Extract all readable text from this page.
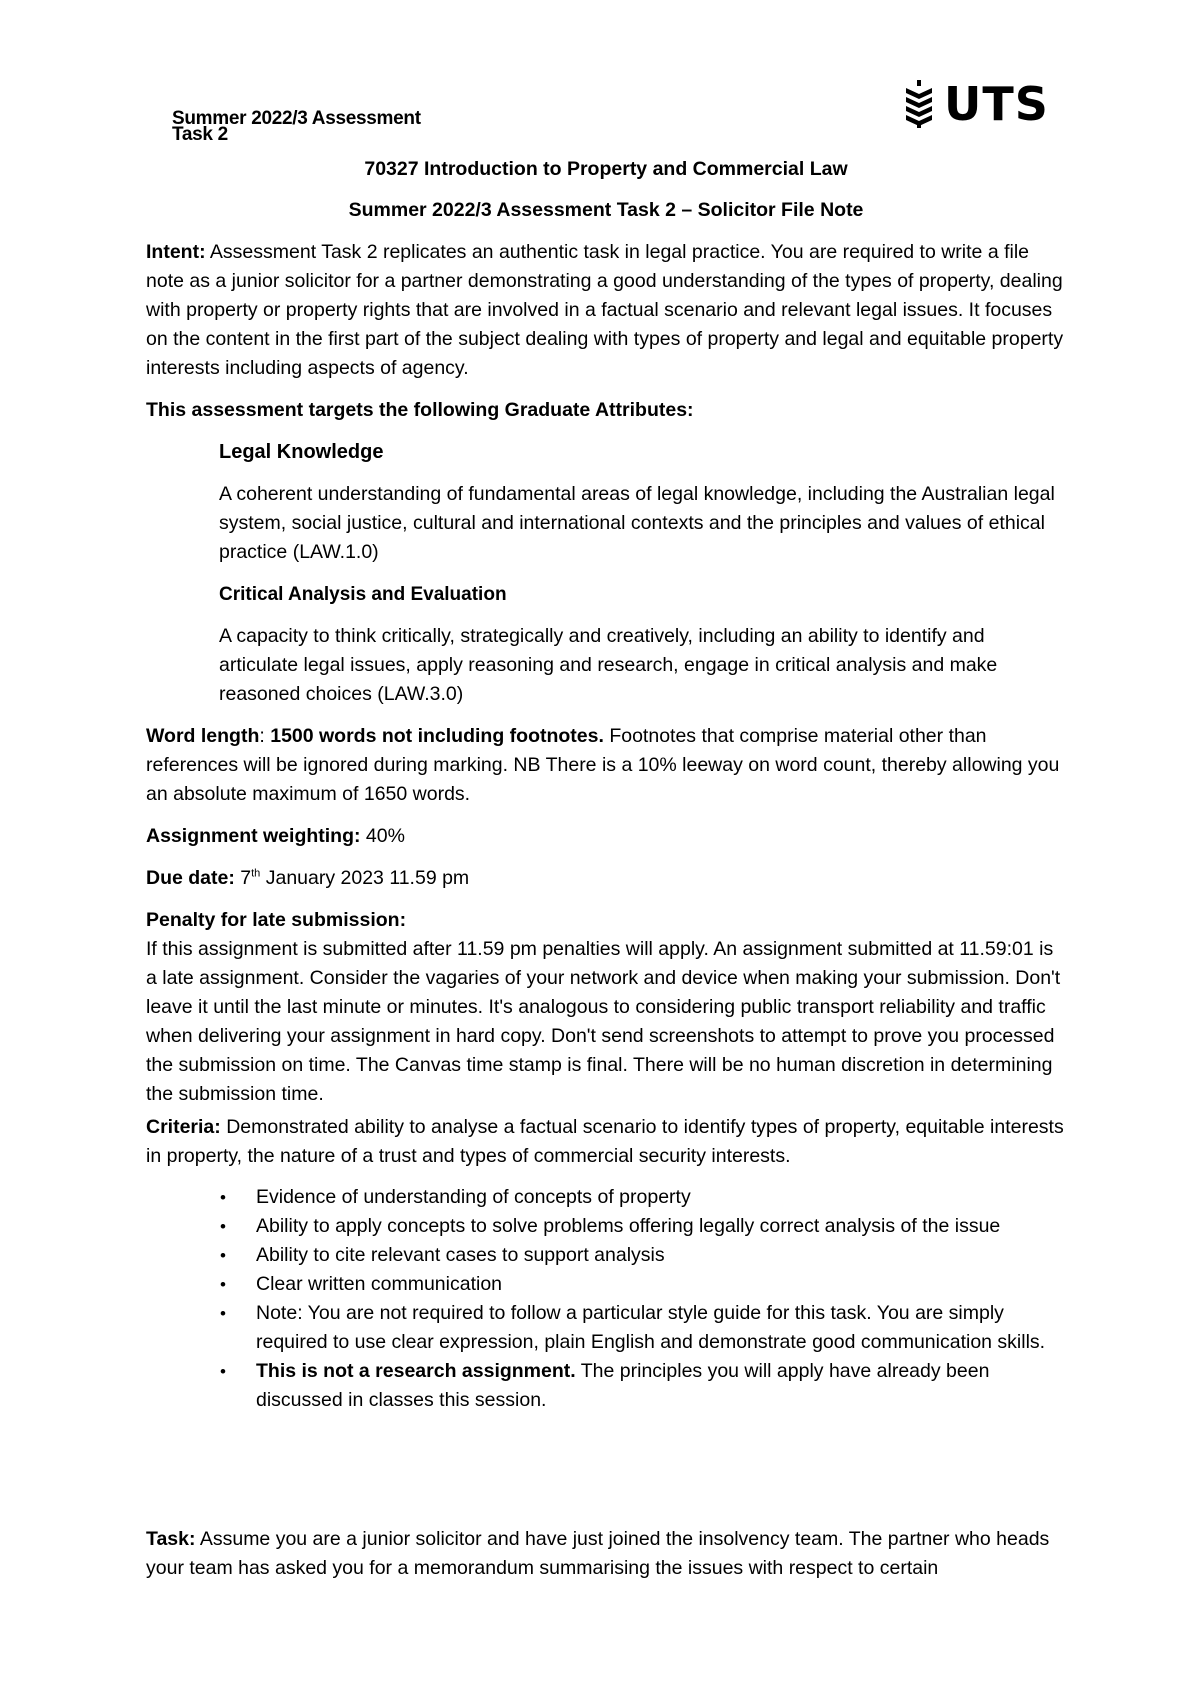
Summer 2022/3 Assessment
Task 2
UTS

70327 Introduction to Property and Commercial Law

Summer 2022/3 Assessment Task 2 – Solicitor File Note

Intent: Assessment Task 2 replicates an authentic task in legal practice. You are required to write a file note as a junior solicitor for a partner demonstrating a good understanding of the types of property, dealing with property or property rights that are involved in a factual scenario and relevant legal issues. It focuses on the content in the first part of the subject dealing with types of property and legal and equitable property interests including aspects of agency.

This assessment targets the following Graduate Attributes:

Legal Knowledge

A coherent understanding of fundamental areas of legal knowledge, including the Australian legal system, social justice, cultural and international contexts and the principles and values of ethical practice (LAW.1.0)

Critical Analysis and Evaluation

A capacity to think critically, strategically and creatively, including an ability to identify and articulate legal issues, apply reasoning and research, engage in critical analysis and make reasoned choices (LAW.3.0)

Word length: 1500 words not including footnotes. Footnotes that comprise material other than references will be ignored during marking. NB There is a 10% leeway on word count, thereby allowing you an absolute maximum of 1650 words.

Assignment weighting: 40%

Due date: 7th January 2023 11.59 pm

Penalty for late submission:

If this assignment is submitted after 11.59 pm penalties will apply. An assignment submitted at 11.59:01 is a late assignment. Consider the vagaries of your network and device when making your submission. Don't leave it until the last minute or minutes. It's analogous to considering public transport reliability and traffic when delivering your assignment in hard copy. Don't send screenshots to attempt to prove you processed the submission on time. The Canvas time stamp is final. There will be no human discretion in determining the submission time.

Criteria: Demonstrated ability to analyse a factual scenario to identify types of property, equitable interests in property, the nature of a trust and types of commercial security interests.

• Evidence of understanding of concepts of property
• Ability to apply concepts to solve problems offering legally correct analysis of the issue
• Ability to cite relevant cases to support analysis
• Clear written communication
• Note: You are not required to follow a particular style guide for this task. You are simply required to use clear expression, plain English and demonstrate good communication skills.
• This is not a research assignment. The principles you will apply have already been discussed in classes this session.

Task: Assume you are a junior solicitor and have just joined the insolvency team. The partner who heads your team has asked you for a memorandum summarising the issues with respect to certain
